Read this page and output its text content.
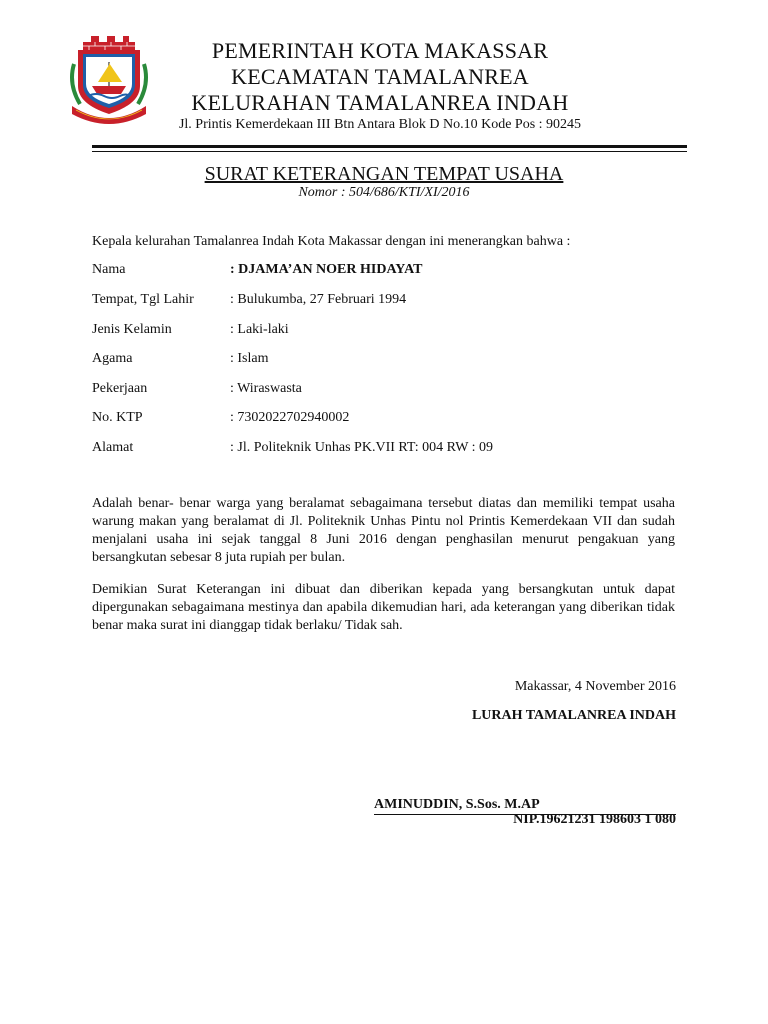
PEMERINTAH KOTA MAKASSAR
KECAMATAN TAMALANREA
KELURAHAN TAMALANREA INDAH
Jl. Printis Kemerdekaan III Btn Antara Blok D No.10 Kode Pos : 90245
SURAT KETERANGAN TEMPAT USAHA
Nomor : 504/686/KTI/XI/2016
Kepala kelurahan Tamalanrea Indah Kota Makassar dengan ini menerangkan bahwa :
Nama	: DJAMA’AN NOER HIDAYAT
Tempat, Tgl Lahir	: Bulukumba, 27 Februari 1994
Jenis Kelamin	: Laki-laki
Agama	: Islam
Pekerjaan	: Wiraswasta
No. KTP	: 7302022702940002
Alamat	: Jl. Politeknik Unhas PK.VII RT: 004 RW : 09
Adalah benar- benar warga yang beralamat sebagaimana tersebut diatas dan memiliki tempat usaha warung makan yang beralamat di Jl. Politeknik Unhas Pintu nol Printis Kemerdekaan VII dan sudah menjalani usaha ini sejak tanggal 8 Juni 2016 dengan penghasilan menurut pengakuan yang bersangkutan sebesar 8 juta rupiah per bulan.
Demikian Surat Keterangan ini dibuat dan diberikan kepada yang bersangkutan untuk dapat dipergunakan sebagaimana mestinya dan apabila dikemudian hari, ada keterangan yang diberikan tidak benar maka surat ini dianggap tidak berlaku/ Tidak sah.
Makassar, 4 November 2016
LURAH TAMALANREA INDAH
AMINUDDIN, S.Sos. M.AP
NIP.19621231 198603 1 080
